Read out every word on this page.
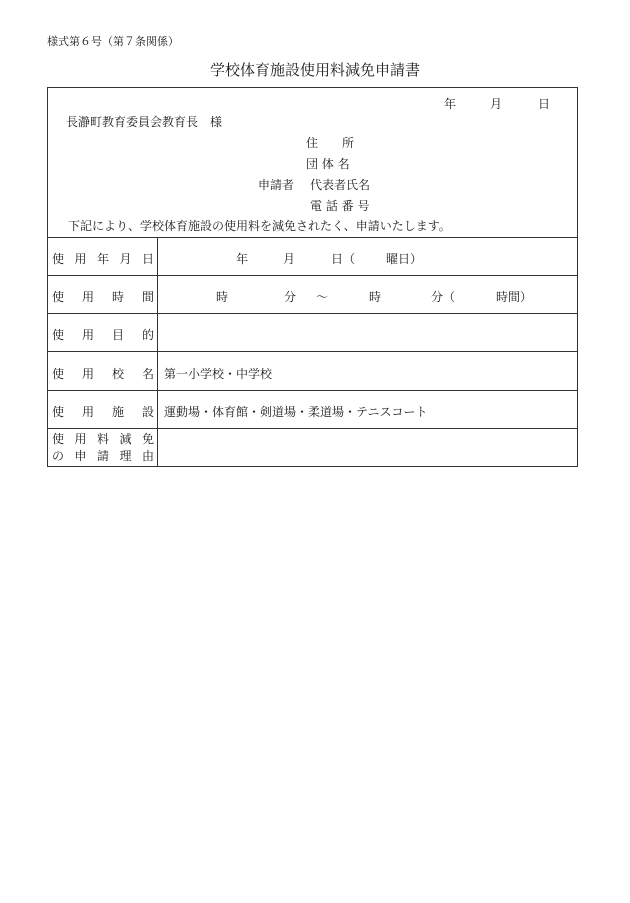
様式第６号（第７条関係）
学校体育施設使用料減免申請書
年	月	日
長瀞町教育委員会教育長　様
住　　所
団 体 名
申請者 代表者氏名
電 話 番 号
下記により、学校体育施設の使用料を減免されたく、申請いたします。
使用年月日	年	月	日（	曜日）
使用時間	時	分 〜	時	分（	時間）
使用目的
使用校名 第一小学校・中学校
使用施設 運動場・体育館・剣道場・柔道場・テニスコート
使用料減免
の申請理由
